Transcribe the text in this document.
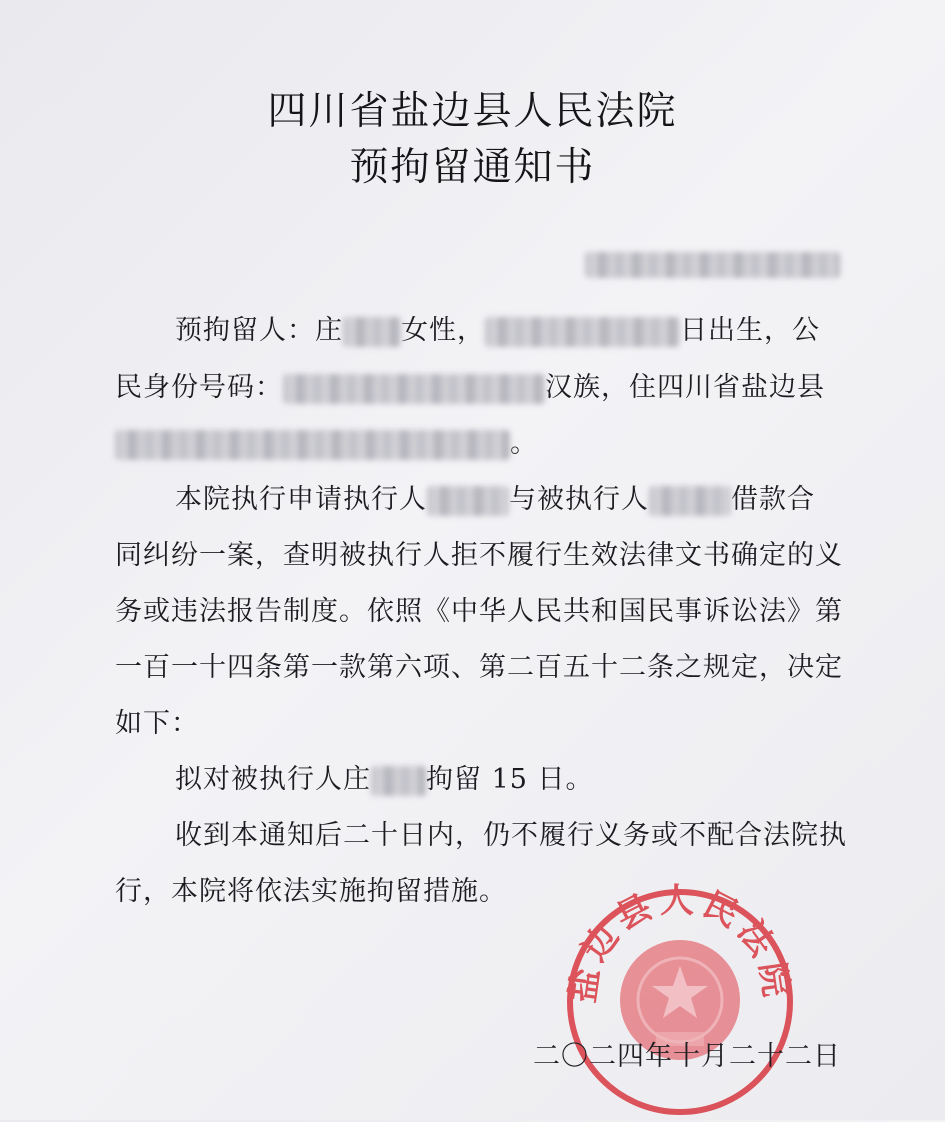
四川省盐边县人民法院
预拘留通知书
预拘留人：庄 女性，	日出生，公
民身份号码：	汉族，住四川省盐边县
。
本院执行申请执行人	与被执行人	借款合
同纠纷一案，查明被执行人拒不履行生效法律文书确定的义
务或违法报告制度。依照《中华人民共和国民事诉讼法》第
一百一十四条第一款第六项、第二百五十二条之规定，决定
如下：
拟对被执行人庄 拘留 15 日。
收到本通知后二十日内，仍不履行义务或不配合法院执
行，本院将依法实施拘留措施。
盐边县人民法院
二〇二四年十月二十二日
